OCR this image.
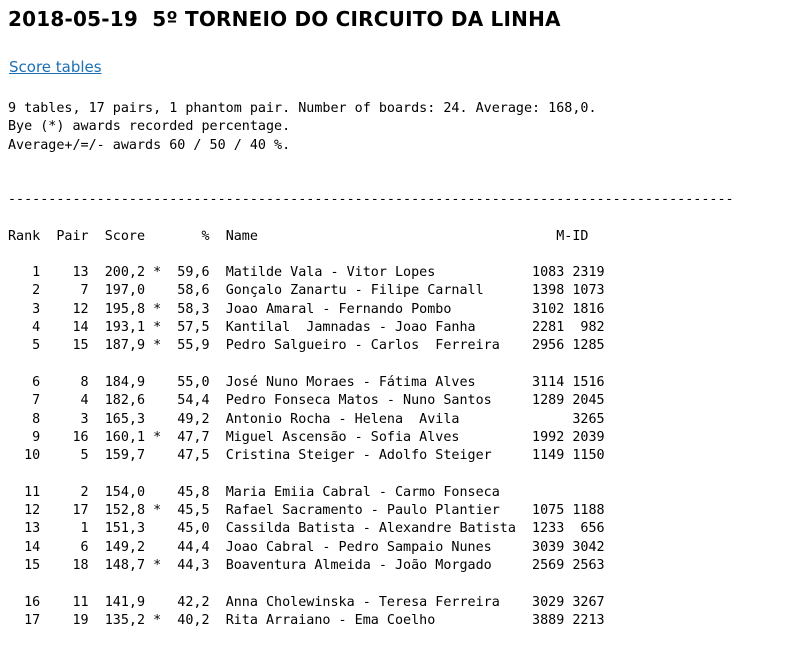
2018-05-19  5º TORNEIO DO CIRCUITO DA LINHA
Score tables
9 tables, 17 pairs, 1 phantom pair. Number of boards: 24. Average: 168,0.
Bye (*) awards recorded percentage.
Average+/=/- awards 60 / 50 / 40 %.
------------------------------------------------------------------------------------------

Rank Pair Score	% Name	M-ID

1    13 200,2 *  59,6 Matilde Vala - Vitor Lopes            1083 2319
2     7 197,0    58,6 Gonçalo Zanartu - Filipe Carnall      1398 1073
3    12 195,8 *  58,3 Joao Amaral - Fernando Pombo          3102 1816
4    14 193,1 *  57,5 Kantilal  Jamnadas - Joao Fanha       2281  982
5    15 187,9 *  55,9 Pedro Salgueiro - Carlos  Ferreira    2956 1285

6     8 184,9    55,0 José Nuno Moraes - Fátima Alves       3114 1516
7     4 182,6    54,4 Pedro Fonseca Matos - Nuno Santos     1289 2045
8     3 165,3    49,2 Antonio Rocha - Helena  Avila	3265
9    16 160,1 *  47,7 Miguel Ascensão - Sofia Alves         1992 2039
10     5 159,7    47,5 Cristina Steiger - Adolfo Steiger     1149 1150

11     2 154,0    45,8 Maria Emiia Cabral - Carmo Fonseca
12    17 152,8 *  45,5 Rafael Sacramento - Paulo Plantier    1075 1188
13     1 151,3    45,0 Cassilda Batista - Alexandre Batista  1233  656
14     6 149,2    44,4 Joao Cabral - Pedro Sampaio Nunes     3039 3042
15    18 148,7 *  44,3 Boaventura Almeida - João Morgado     2569 2563

16    11 141,9    42,2 Anna Cholewinska - Teresa Ferreira    3029 3267
17    19 135,2 *  40,2 Rita Arraiano - Ema Coelho            3889 2213
